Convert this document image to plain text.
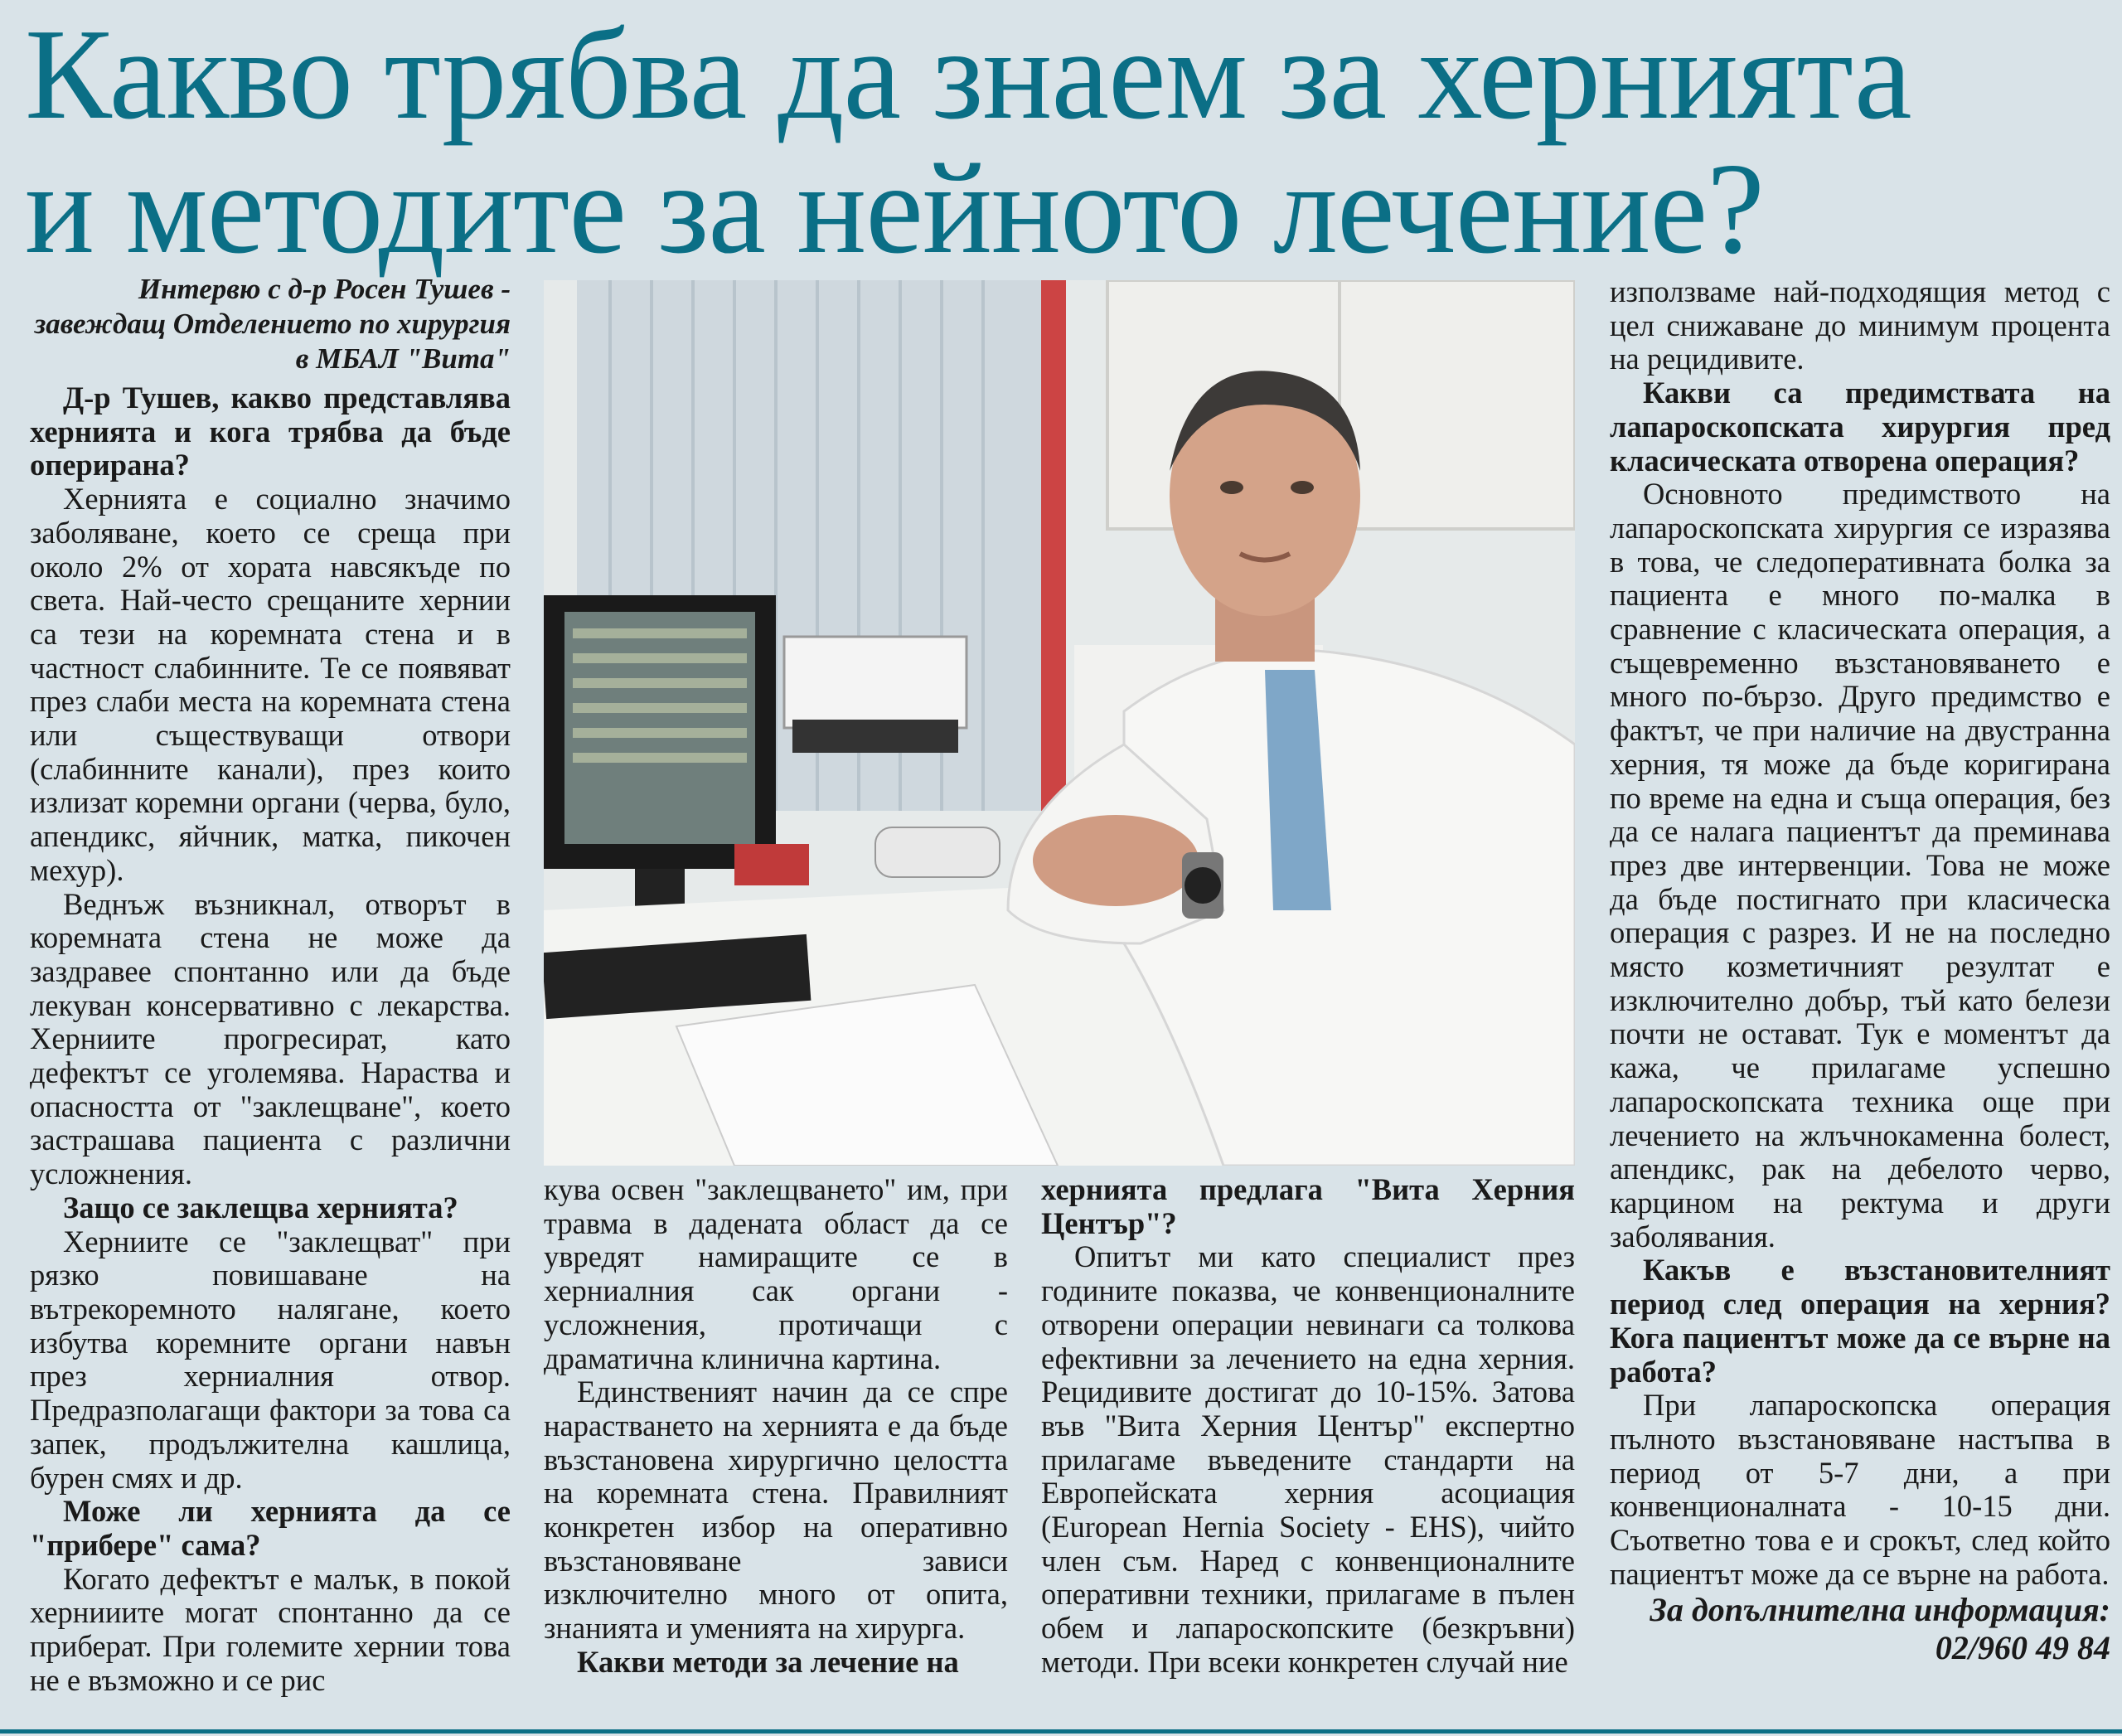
Какво трябва да знаем за хернията
и методите за нейното лечение?

Интервю с д-р Росен Тушев - завеждащ Отделението по хирургия в МБАЛ "Вита"

Д-р Тушев, какво представлява хернията и кога трябва да бъде оперирана?

Хернията е социално значимо заболяване, което се среща при около 2% от хората навсякъде по света. Най-често срещаните хернии са тези на коремната стена и в частност слабинните. Те се появяват през слаби места на коремната стена или съществуващи отвори (слабинните канали), през които излизат коремни органи (черва, було, апендикс, яйчник, матка, пикочен мехур).

Веднъж възникнал, отворът в коремната стена не може да заздравее спонтанно или да бъде лекуван консервативно с лекарства. Херниите прогресират, като дефектът се уголемява. Нараства и опасността от "заклещване", което застрашава пациента с различни усложнения.

Защо се заклещва хернията?

Херниите се "заклещват" при рязко повишаване на вътрекоремното налягане, което избутва коремните органи навън през херниалния отвор. Предразполагащи фактори за това са запек, продължителна кашлица, бурен смях и др.

Може ли хернията да се "прибере" сама?

Когато дефектът е малък, в покой хернииите могат спонтанно да се приберат. При големите хернии това не е възможно и се рис

кува освен "заклещването" им, при травма в дадената област да се увредят намиращите се в херниалния сак органи - усложнения, протичащи с драматична клинична картина.

Единственият начин да се спре нарастването на хернията е да бъде възстановена хирургично целостта на коремната стена. Правилният конкретен избор на оперативно възстановяване зависи изключително много от опита, знанията и уменията на хирурга.

Какви методи за лечение на

хернията предлага "Вита Херния Център"?

Опитът ми като специалист през годините показва, че конвенционалните отворени операции невинаги са толкова ефективни за лечението на една херния. Рецидивите достигат до 10-15%. Затова във "Вита Херния Център" експертно прилагаме въведените стандарти на Европейската херния асоциация (European Hernia Society - EHS), чийто член съм. Наред с конвенционалните оперативни техники, прилагаме в пълен обем и лапароскопските (безкръвни) методи. При всеки конкретен случай ние

използваме най-подходящия метод с цел снижаване до минимум процента на рецидивите.

Какви са предимствата на лапароскопската хирургия пред класическата отворена операция?

Основното предимството на лапароскопската хирургия се изразява в това, че следоперативната болка за пациента е много по-малка в сравнение с класическата операция, а същевременно възстановяването е много по-бързо. Друго предимство е фактът, че при наличие на двустранна херния, тя може да бъде коригирана по време на една и съща операция, без да се налага пациентът да преминава през две интервенции. Това не може да бъде постигнато при класическа операция с разрез. И не на последно място козметичният резултат е изключително добър, тъй като белези почти не остават. Тук е моментът да кажа, че прилагаме успешно лапароскопската техника още при лечението на жлъчнокаменна болест, апендикс, рак на дебелото черво, карцином на ректума и други заболявания.

Какъв е възстановителният период след операция на херния? Кога пациентът може да се върне на работа?

При лапароскопска операция пълното възстановяване настъпва в период от 5-7 дни, а при конвенционалната - 10-15 дни. Съответно това е и срокът, след който пациентът може да се върне на работа.

За допълнителна информация: 02/960 49 84
